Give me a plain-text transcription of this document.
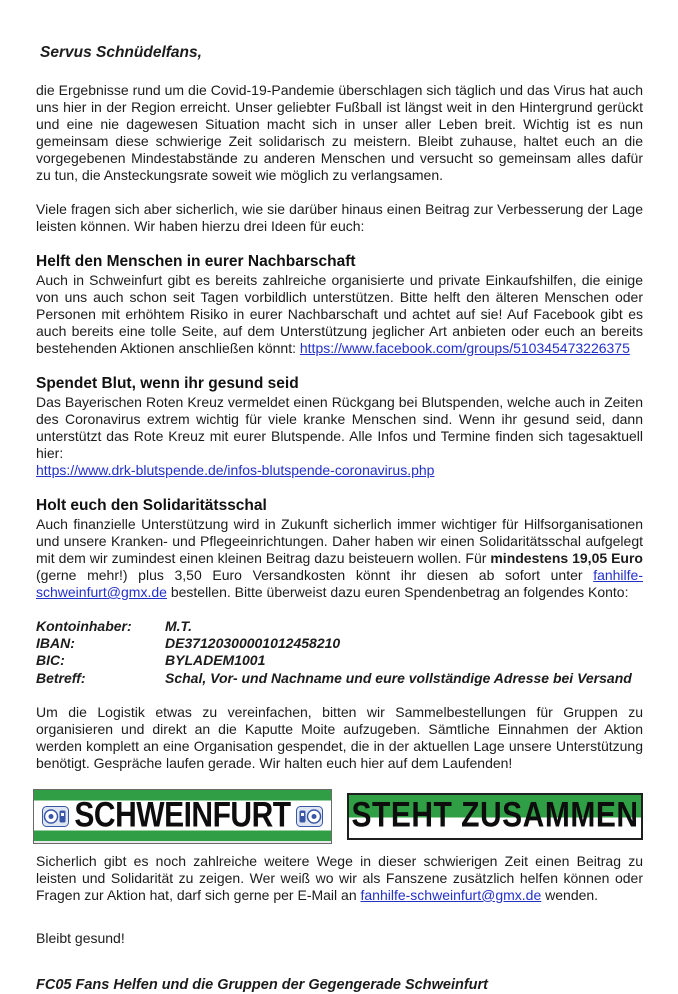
Servus Schnüdelfans,

die Ergebnisse rund um die Covid-19-Pandemie überschlagen sich täglich und das Virus hat auch uns hier in der Region erreicht. Unser geliebter Fußball ist längst weit in den Hintergrund gerückt und eine nie dagewesen Situation macht sich in unser aller Leben breit. Wichtig ist es nun gemeinsam diese schwierige Zeit solidarisch zu meistern. Bleibt zuhause, haltet euch an die vorgegebenen Mindestabstände zu anderen Menschen und versucht so gemeinsam alles dafür zu tun, die Ansteckungsrate soweit wie möglich zu verlangsamen.

Viele fragen sich aber sicherlich, wie sie darüber hinaus einen Beitrag zur Verbesserung der Lage leisten können. Wir haben hierzu drei Ideen für euch:

Helft den Menschen in eurer Nachbarschaft

Auch in Schweinfurt gibt es bereits zahlreiche organisierte und private Einkaufshilfen, die einige von uns auch schon seit Tagen vorbildlich unterstützen. Bitte helft den älteren Menschen oder Personen mit erhöhtem Risiko in eurer Nachbarschaft und achtet auf sie! Auf Facebook gibt es auch bereits eine tolle Seite, auf dem Unterstützung jeglicher Art anbieten oder euch an bereits bestehenden Aktionen anschließen könnt: https://www.facebook.com/groups/510345473226375

Spendet Blut, wenn ihr gesund seid

Das Bayerischen Roten Kreuz vermeldet einen Rückgang bei Blutspenden, welche auch in Zeiten des Coronavirus extrem wichtig für viele kranke Menschen sind. Wenn ihr gesund seid, dann unterstützt das Rote Kreuz mit eurer Blutspende. Alle Infos und Termine finden sich tagesaktuell hier:
https://www.drk-blutspende.de/infos-blutspende-coronavirus.php

Holt euch den Solidaritätsschal

Auch finanzielle Unterstützung wird in Zukunft sicherlich immer wichtiger für Hilfsorganisationen und unsere Kranken- und Pflegeeinrichtungen. Daher haben wir einen Solidaritätsschal aufgelegt mit dem wir zumindest einen kleinen Beitrag dazu beisteuern wollen. Für mindestens 19,05 Euro (gerne mehr!) plus 3,50 Euro Versandkosten könnt ihr diesen ab sofort unter fanhilfe-schweinfurt@gmx.de bestellen. Bitte überweist dazu euren Spendenbetrag an folgendes Konto:

Kontoinhaber:	M.T.
IBAN:	DE37120300001012458210
BIC:	BYLADEM1001
Betreff:	Schal, Vor- und Nachname und eure vollständige Adresse bei Versand

Um die Logistik etwas zu vereinfachen, bitten wir Sammelbestellungen für Gruppen zu organisieren und direkt an die Kaputte Moite aufzugeben. Sämtliche Einnahmen der Aktion werden komplett an eine Organisation gespendet, die in der aktuellen Lage unsere Unterstützung benötigt. Gespräche laufen gerade. Wir halten euch hier auf dem Laufenden!

SCHWEINFURT STEHT ZUSAMMEN

Sicherlich gibt es noch zahlreiche weitere Wege in dieser schwierigen Zeit einen Beitrag zu leisten und Solidarität zu zeigen. Wer weiß wo wir als Fanszene zusätzlich helfen können oder Fragen zur Aktion hat, darf sich gerne per E-Mail an fanhilfe-schweinfurt@gmx.de wenden.

Bleibt gesund!
FC05 Fans Helfen und die Gruppen der Gegengerade Schweinfurt
